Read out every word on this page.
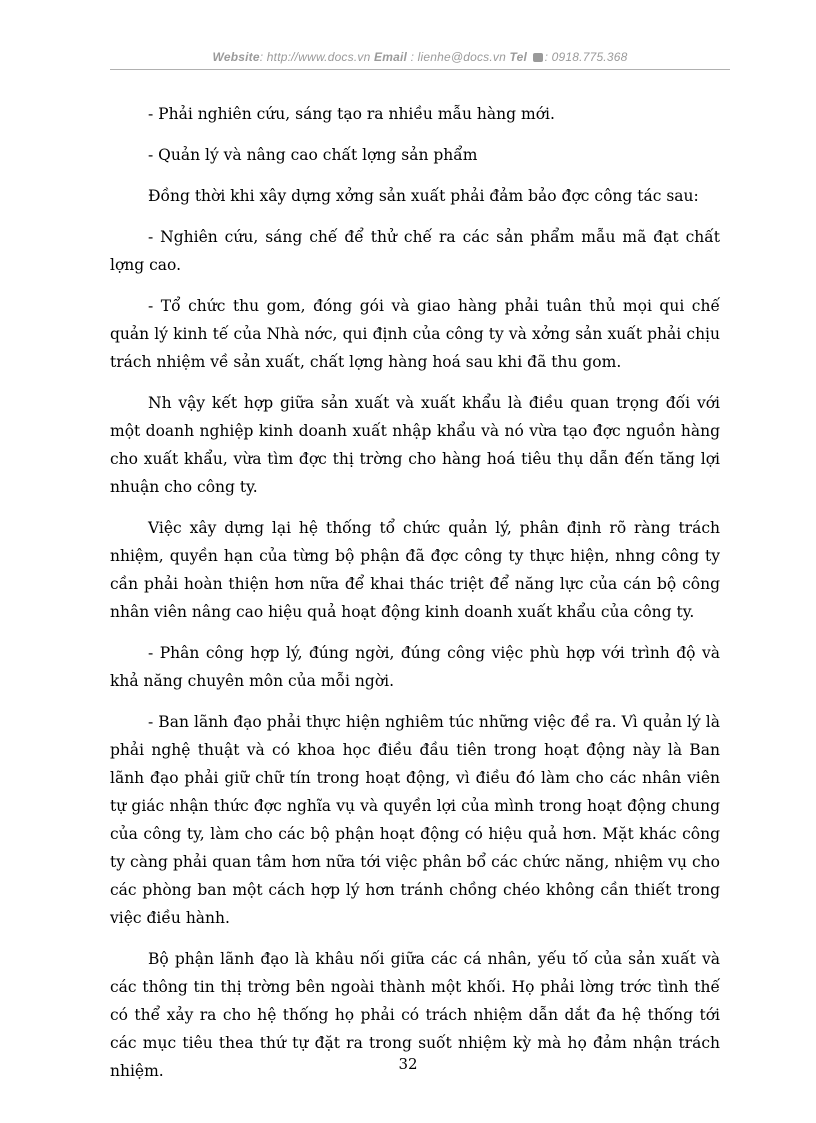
Website: http://www.docs.vn Email : lienhe@docs.vn Tel : 0918.775.368

- Phải nghiên cứu, sáng tạo ra nhiều mẫu hàng mới.

- Quản lý và nâng cao chất lợng sản phẩm

Đồng thời khi xây dựng xởng sản xuất phải đảm bảo đợc công tác sau:

- Nghiên cứu, sáng chế để thử chế ra các sản phẩm mẫu mã đạt chất lợng cao.

- Tổ chức thu gom, đóng gói và giao hàng phải tuân thủ mọi qui chế quản lý kinh tế của Nhà nớc, qui định của công ty và xởng sản xuất phải chịu trách nhiệm về sản xuất, chất lợng hàng hoá sau khi đã thu gom.

Nh vậy kết hợp giữa sản xuất và xuất khẩu là điều quan trọng đối với một doanh nghiệp kinh doanh xuất nhập khẩu và nó vừa tạo đợc nguồn hàng cho xuất khẩu, vừa tìm đợc thị trờng cho hàng hoá tiêu thụ dẫn đến tăng lợi nhuận cho công ty.

Việc xây dựng lại hệ thống tổ chức quản lý, phân định rõ ràng trách nhiệm, quyền hạn của từng bộ phận đã đợc công ty thực hiện, nhng công ty cần phải hoàn thiện hơn nữa để khai thác triệt để năng lực của cán bộ công nhân viên nâng cao hiệu quả hoạt động kinh doanh xuất khẩu của công ty.

- Phân công hợp lý, đúng ngời, đúng công việc phù hợp với trình độ và khả năng chuyên môn của mỗi ngời.

- Ban lãnh đạo phải thực hiện nghiêm túc những việc đề ra. Vì quản lý là phải nghệ thuật và có khoa học điều đầu tiên trong hoạt động này là Ban lãnh đạo phải giữ chữ tín trong hoạt động, vì điều đó làm cho các nhân viên tự giác nhận thức đợc nghĩa vụ và quyền lợi của mình trong hoạt động chung của công ty, làm cho các bộ phận hoạt động có hiệu quả hơn. Mặt khác công ty càng phải quan tâm hơn nữa tới việc phân bổ các chức năng, nhiệm vụ cho các phòng ban một cách hợp lý hơn tránh chồng chéo không cần thiết trong việc điều hành.

Bộ phận lãnh đạo là khâu nối giữa các cá nhân, yếu tố của sản xuất và các thông tin thị trờng bên ngoài thành một khối. Họ phải lờng trớc tình thế có thể xảy ra cho hệ thống họ phải có trách nhiệm dẫn dắt đa hệ thống tới các mục tiêu thea thứ tự đặt ra trong suốt nhiệm kỳ mà họ đảm nhận trách nhiệm.	32
